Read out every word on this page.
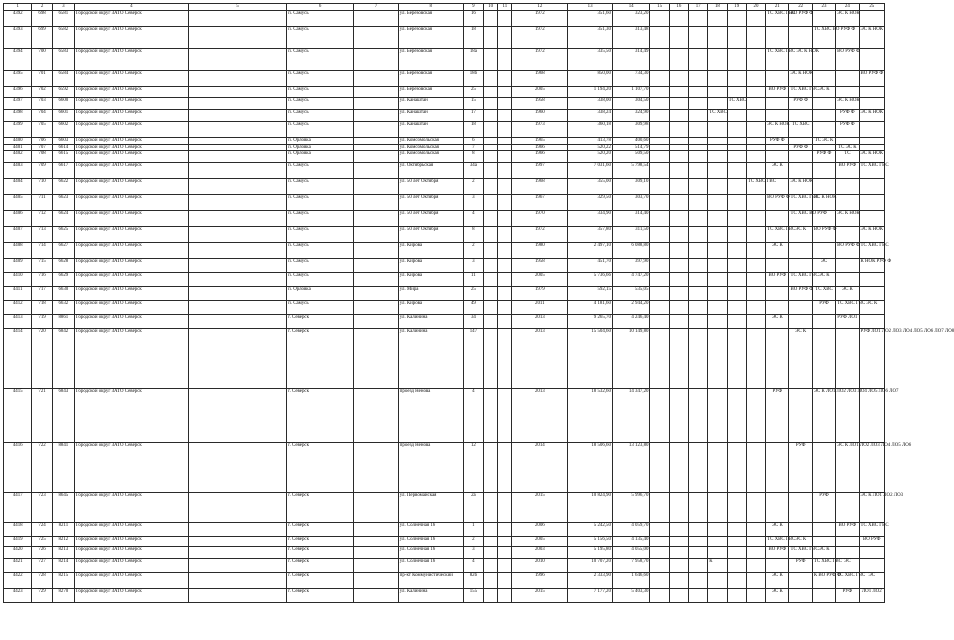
1	2	3	4	5	6	7	8	9	10	11	12	13	14	15	16	17	18	19	20	21	22	23	24	25
4392	698	6581	Городской округ ЗАТО Северск		п. Самусь		ул. Берёзовская	16			1972	351,60	323,20							ТС ХВС ГВС	ВО РУФ Ф		ЭС К НОК	
4393	699	6582	Городской округ ЗАТО Северск		п. Самусь		ул. Берёзовская	18			1972	351,30	313,48									ТС ХВС ВО РУФ Ф		ЭС К НОК
4394	700	6583	Городской округ ЗАТО Северск		п. Самусь		ул. Берёзовская	18а			1972	335,50	314,49							ТС ХВС ГВС ЭС К НОК			ВО РУФ Ф	
4395	701	6584	Городской округ ЗАТО Северск		п. Самусь		ул. Берёзовская	18б			1968	850,00	734,30								ЭС К НОК			ВО РУФ Ф
4396	702	6592	Городской округ ЗАТО Северск		п. Самусь		ул. Берёзовская	25			2005	1 194,20	1 107,70							ВО РУФ	ТС ХВС ГВС	ЭС К		
4397	703	6600	Городской округ ЗАТО Северск		п. Самусь		ул. Канаштан	15			1958	338,00	304,50					ТС ХВС			РУФ Ф		ЭС К НОК	
4398	704	6601	Городской округ ЗАТО Северск		п. Самусь		ул. Канаштан	17			1960	338,24	324,90				ТС ХВС						РУФ Ф	ЭС К НОК
4399	705	6602	Городской округ ЗАТО Северск		п. Самусь		ул. Канаштан	18			1973	360,18	309,98							ЭС К НОК	ТС ХВС		РУФ Ф	
4400	706	6603	Городской округ ЗАТО Северск		п. Орловка		ул. Комсомольская	6			1965	413,78	400,60							РУФ Ф		ТС ЭС К		
4401	707	6614	Городской округ ЗАТО Северск		п. Орловка		ул. Комсомольская	7			1966	520,22	514,79								РУФ Ф		ТС ЭС К	
4402	708	6615	Городской округ ЗАТО Северск		п. Орловка		ул. Комсомольская	8			1966	520,20	509,50									РУФ Ф	ТС	ЭС К НОК
4403	709	6617	Городской округ ЗАТО Северск		п. Самусь		ул. Октябрьская	34а			1997	7 031,60	5 798,54							ЭС К			ВО РУФ	ТС ХВС ГВС
4404	710	6622	Городской округ ЗАТО Северск		п. Самусь		ул. 50 лет Октября	2			1968	355,00	309,10						ТС ХВС ГВС		ЭС К НОК			
4405	711	6623	Городской округ ЗАТО Северск		п. Самусь		ул. 50 лет Октября	3			1967	329,50	303,70							ВО РУФ Ф	ТС ХВС ГВС	ЭС К НОК		
4406	712	6624	Городской округ ЗАТО Северск		п. Самусь		ул. 50 лет Октября	4			1970	334,90	314,40								ТС ХВС ВО РУФ		ЭС К НОК	
4407	713	6625	Городской округ ЗАТО Северск		п. Самусь		ул. 50 лет Октября	8			1972	357,80	311,50							ТС ХВС ГВС	ЭС К	ВО РУФ Ф		ЭС К НОК
4408	714	6627	Городской округ ЗАТО Северск		п. Самусь		ул. Кирова	2			1980	2 497,10	6 088,80							ЭС К			ВО РУФ Ф	ТС ХВС ГВС
4409	715	6628	Городской округ ЗАТО Северск		п. Самусь		ул. Кирова	3			1958	451,70	397,90									ЭС		К НОК РУФ Ф
4410	716	6629	Городской округ ЗАТО Северск		п. Самусь		ул. Кирова	11			2005	5 736,66	4 747,20							ВО РУФ	ТС ХВС ГВС	ЭС К		
4411	717	6630	Городской округ ЗАТО Северск		п. Орловка		ул. Мира	25			1979	592,15	535,05								ВО РУФ Ф	ТС ХВС	ЭС К	
4412	718	6632	Городской округ ЗАТО Северск		п. Самусь		ул. Кирова	49			2011	4 181,60	2 944,20									РУФ	ТС ХВС ГВС	ЭС К
4413	719	8861	Городской округ ЗАТО Северск		г. Северск		ул. Калинина	34			2013	9 265,70	4 246,40							ЭС К			РУФ ЛО1	
4414	720	6842	Городской округ ЗАТО Северск		г. Северск		ул. Калинина	147			2013	15 504,60	10 149,80								ЭС К			РУФ ЛО1 ЛО2 ЛО3 ЛО4 ЛО5 ЛО6 ЛО7 ЛО8
4415	721	6843	Городской округ ЗАТО Северск		г. Северск		проезд Ненова	4			2013	18 532,60	14 347,20							РУФ		ЭС К ЛО1 ЛО2 ЛО3 ЛО4 ЛО5 ЛО6 ЛО7		
4416	722	8841	Городской округ ЗАТО Северск		г. Северск		проезд Ненова	12			2014	18 506,60	13 123,80								РУФ		ЭС К ЛО1 ЛО2 ЛО3 ЛО4 ЛО5 ЛО6	
4417	723	8645	Городской округ ЗАТО Северск		г. Северск		ул. Первомайская	2а			2015	10 824,90	5 996,70									РУФ		ЭС К ЛО1 ЛО2 ЛО3
4418	724	8211	Городской округ ЗАТО Северск		г. Северск		ул. Солнечная 16	1			2006	5 242,50	4 059,70							ЭС К			ВО РУФ	ТС ХВС ГВС
4419	725	8212	Городской округ ЗАТО Северск		г. Северск		ул. Солнечная 16	2			2005	5 156,50	4 135,40							ТС ХВС ГВС	ЭС К			ВО РУФ
4420	726	8213	Городской округ ЗАТО Северск		г. Северск		ул. Солнечная 16	3			2003	5 195,80	4 055,00							ВО РУФ	ТС ХВС ГВС	ЭС К		
4421	727	8214	Городской округ ЗАТО Северск		г. Северск		ул. Солнечная 16	4			2010	10 707,20	7 958,70				К				РУФ	ТС ХВС ГВС	ЭС	
4422	728	8215	Городской округ ЗАТО Северск		г. Северск		пр-кт Коммунистический	82б			1996	2 333,90	1 646,60							ЭС К		К ВО РУФ Ф	ТС ХВС ГВС	ЭС
4423	729	8270	Городской округ ЗАТО Северск		г. Северск		ул. Калинина	155			2015	7 177,20	5 403,30							ЭС К			РУФ	ЛО1 ЛО2
